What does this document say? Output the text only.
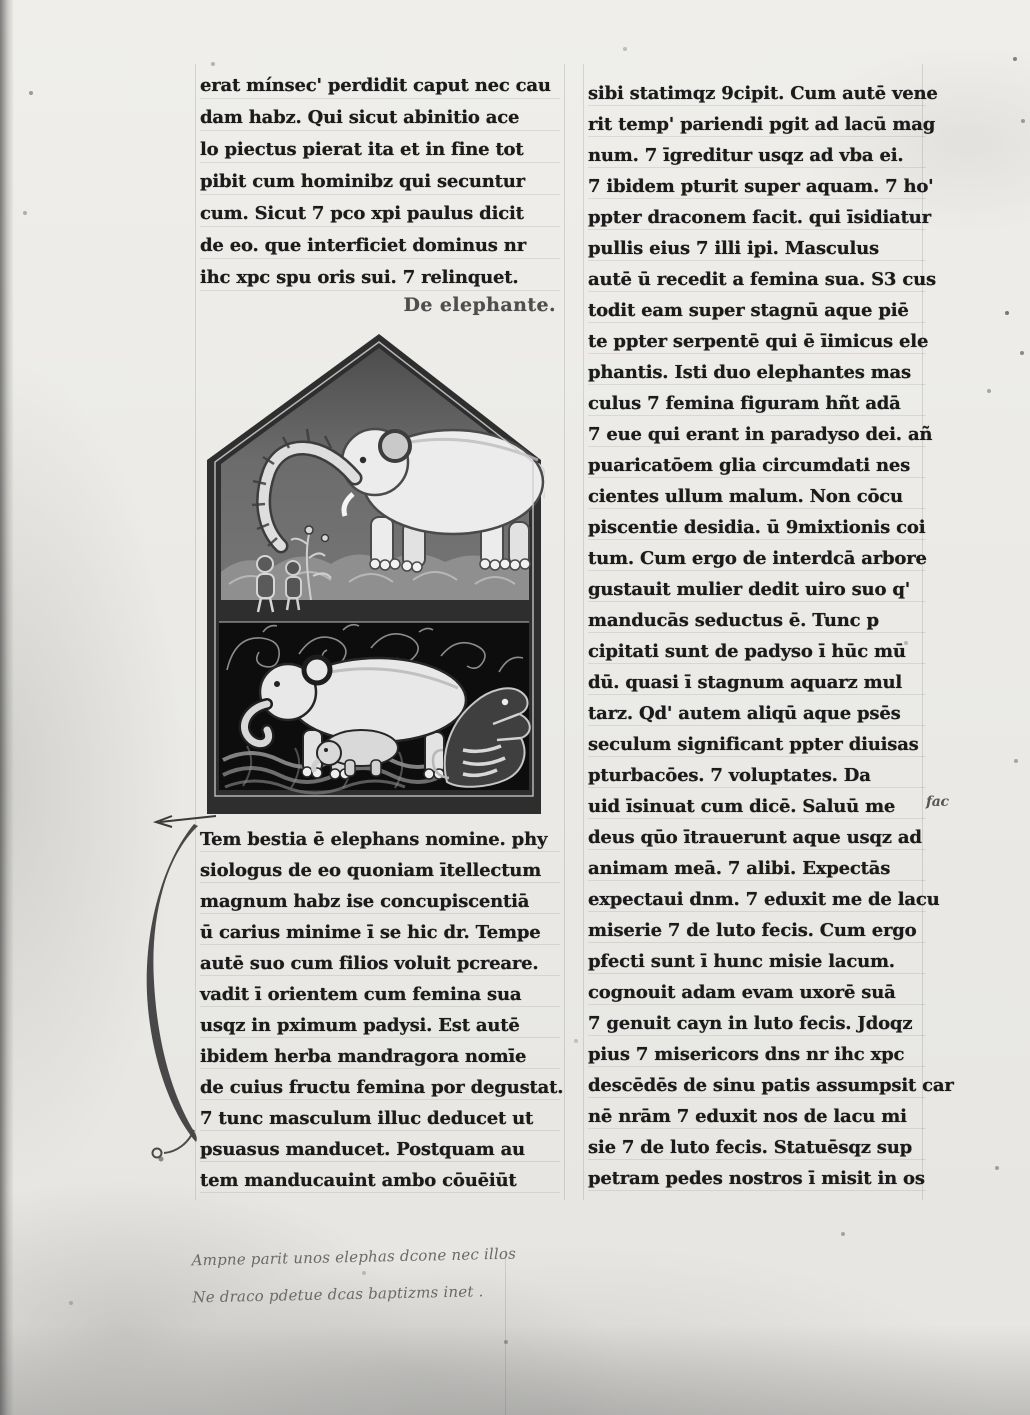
erat mínsec' perdidit caput nec cau
dam habz. Qui sicut abinitio ace
lo piectus pierat ita et in fine tot
pibit cum hominibz qui secuntur
cum. Sicut 7 pco xpi paulus dicit
de eo. que interficiet dominus nr
ihc xpc spu oris sui. 7 relinquet.
De elephante.
Tem bestia ē elephans nomine. phy
siologus de eo quoniam ītellectum
magnum habz ise concupiscentiā
ū carius minime ī se hic dr. Tempe
autē suo cum filios voluit pcreare.
vadit ī orientem cum femina sua
usqz in pximum padysi. Est autē
ibidem herba mandragora nomīe
de cuius fructu femina por degustat.
7 tunc masculum illuc deducet ut
psuasus manducet. Postquam au
tem manducauint ambo cōuēiūt
sibi statimqz 9cipit. Cum autē vene
rit temp' pariendi pgit ad lacū mag
num. 7 īgreditur usqz ad vba ei.
7 ibidem pturit super aquam. 7 ho'
ppter draconem facit. qui īsidiatur
pullis eius 7 illi ipi. Masculus
autē ū recedit a femina sua. S3 cus
todit eam super stagnū aque piē
te ppter serpentē qui ē īimicus ele
phantis. Isti duo elephantes mas
culus 7 femina figuram hñt adā
7 eue qui erant in paradyso dei. añ
puaricatōem glia circumdati nes
cientes ullum malum. Non cōcu
piscentie desidia. ū 9mixtionis coi
tum. Cum ergo de interdcā arbore
gustauit mulier dedit uiro suo q'
manducās seductus ē. Tunc p
cipitati sunt de padyso ī hūc mū
dū. quasi ī stagnum aquarz mul
tarz. Qd' autem aliqū aque psēs
seculum significant ppter diuisas
pturbacōes. 7 voluptates. Da
uid īsinuat cum dicē. Saluū me
deus qūo ītrauerunt aque usqz ad
animam meā. 7 alibi. Expectās
expectaui dnm. 7 eduxit me de lacu
miserie 7 de luto fecis. Cum ergo
pfecti sunt ī hunc misie lacum.
cognouit adam evam uxorē suā
7 genuit cayn in luto fecis. Jdoqz
pius 7 misericors dns nr ihc xpc
descēdēs de sinu patis assumpsit car
nē nrām 7 eduxit nos de lacu mi
sie 7 de luto fecis. Statuēsqz sup
petram pedes nostros ī misit in os
fac
Ampne parit unos elephas dcone nec illos
Ne draco pdetue dcas baptizms inet .
